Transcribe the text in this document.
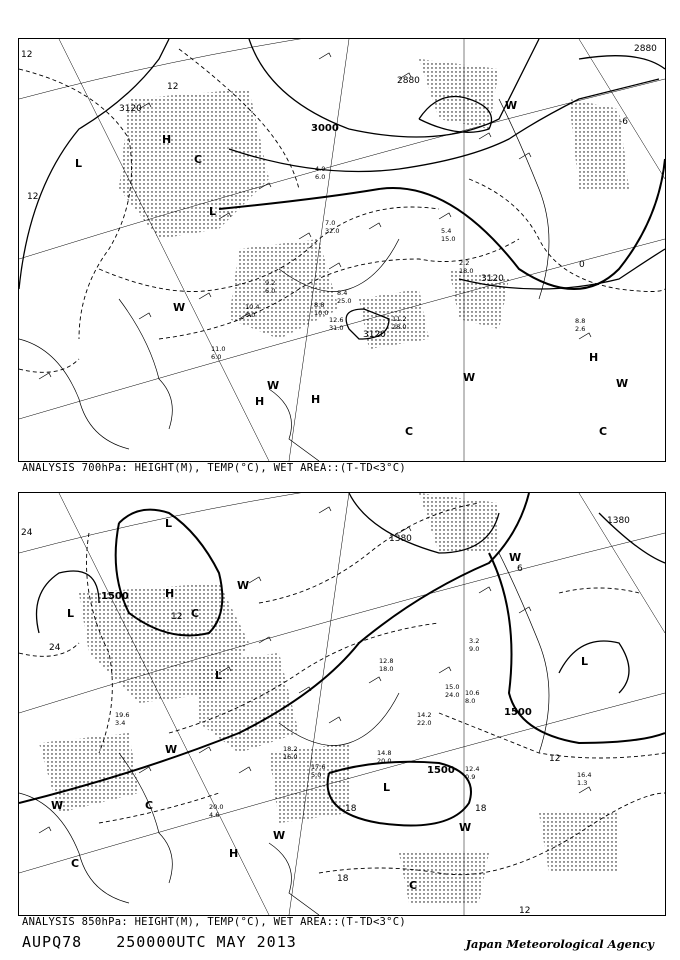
3000
3120
3120
3120
2880
2880
12
12
12
-6
0
H
L
L
H	H
H
C
C	C
W
W
W
W	W
8.4
25.0
4.0
6.0
7.0
32.0
11.2
28.0
8.8
10.0
12.6
31.0
5.4
15.0
2.2
18.0
8.8
2.6
10.4
6.0
11.0
6.0
9.2
6.0
ANALYSIS 700hPa: HEIGHT(M), TEMP(°C), WET AREA::(T-TD<3°C)
1500
1500
1500
1380
1380
24
24
12
12
6
18	18
18
12
L
L
L
L
H
H
L
C
C
C
C
W
W
W
W
W
W
15.0
24.0
14.8
20.0
17.6
5.0
12.4
0.9	16.4
1.3
20.0
4.6
18.2
16.0
10.6
8.0
14.2
22.0
12.8
18.0
3.2
9.0
19.6
3.4
ANALYSIS 850hPa: HEIGHT(M), TEMP(°C), WET AREA::(T-TD<3°C)
AUPQ78 250000UTC MAY 2013	Japan Meteorological Agency
